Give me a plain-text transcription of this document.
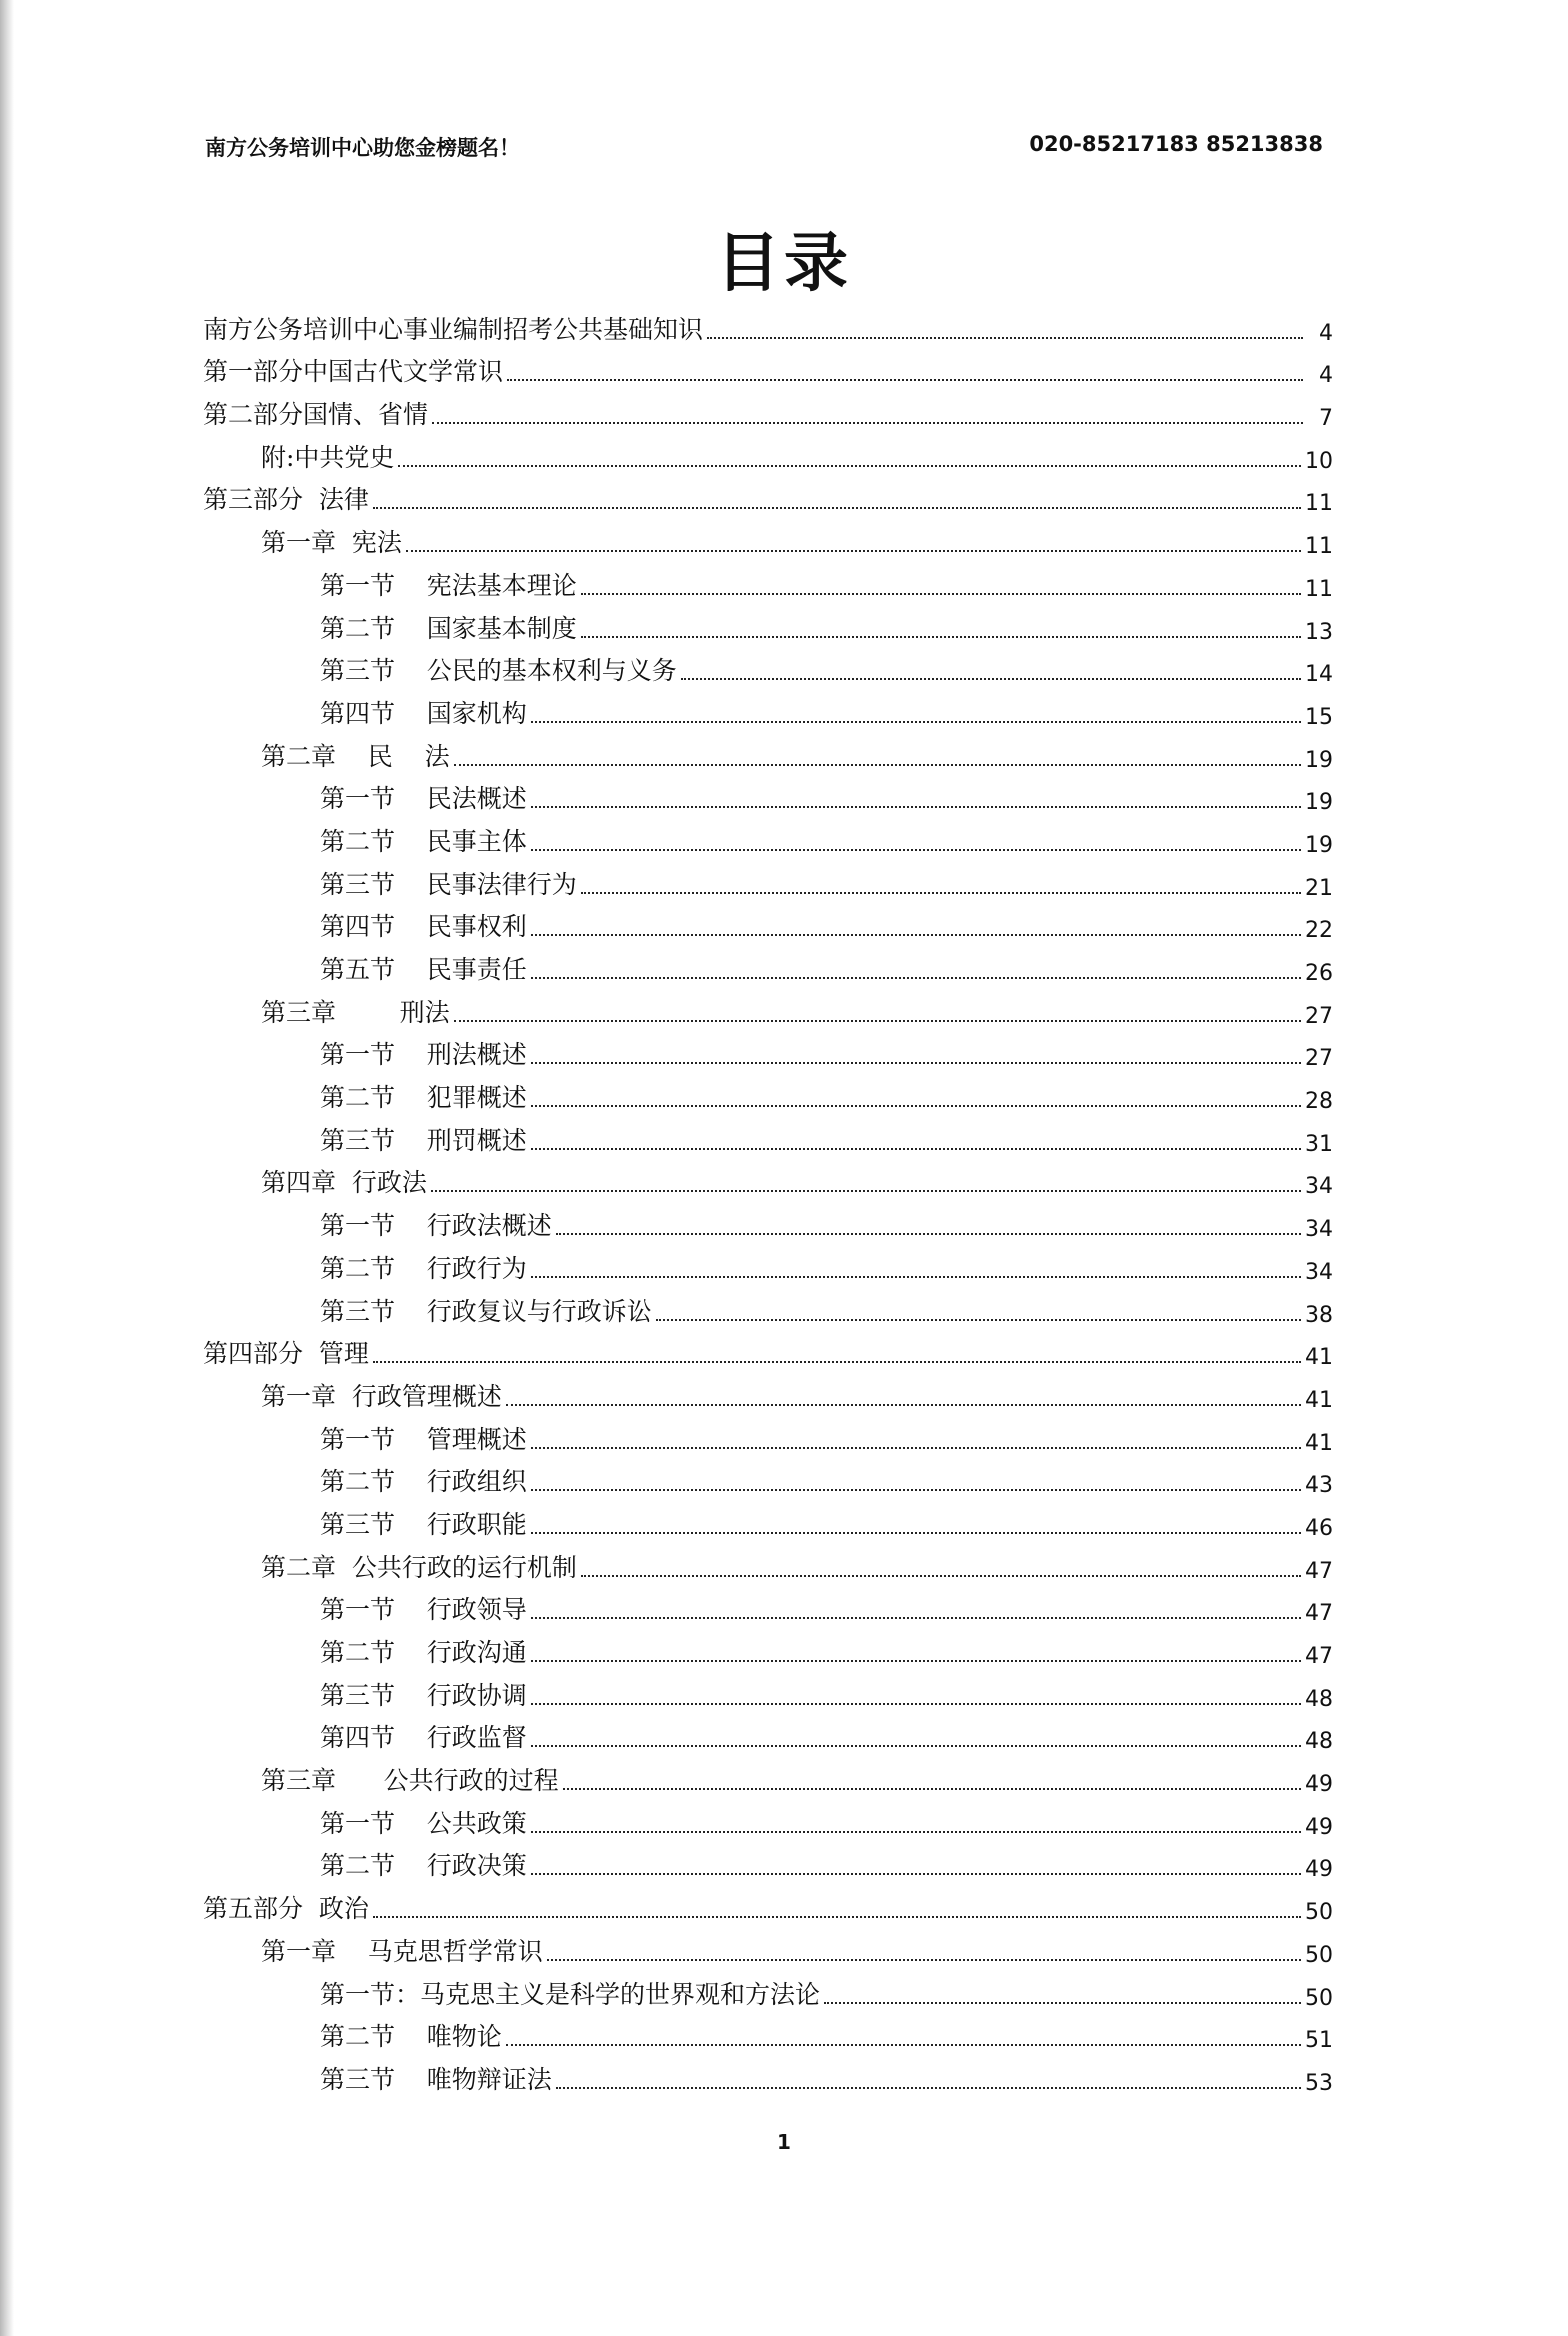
南方公务培训中心助您金榜题名！	020-85217183 85213838
目录
南方公务培训中心事业编制招考公共基础知识	4
第一部分中国古代文学常识	4
第二部分国情、省情	7
附:中共党史	10
第三部分  法律	11
第一章  宪法	11
第一节    宪法基本理论	11
第二节    国家基本制度	13
第三节    公民的基本权利与义务	14
第四节    国家机构	15
第二章    民    法	19
第一节    民法概述	19
第二节    民事主体	19
第三节    民事法律行为	21
第四节    民事权利	22
第五节    民事责任	26
第三章        刑法	27
第一节    刑法概述	27
第二节    犯罪概述	28
第三节    刑罚概述	31
第四章  行政法	34
第一节    行政法概述	34
第二节    行政行为	34
第三节    行政复议与行政诉讼	38
第四部分  管理	41
第一章  行政管理概述	41
第一节    管理概述	41
第二节    行政组织	43
第三节    行政职能	46
第二章  公共行政的运行机制	47
第一节    行政领导	47
第二节    行政沟通	47
第三节    行政协调	48
第四节    行政监督	48
第三章      公共行政的过程	49
第一节    公共政策	49
第二节    行政决策	49
第五部分  政治	50
第一章    马克思哲学常识	50
第一节：马克思主义是科学的世界观和方法论	50
第二节    唯物论	51
第三节    唯物辩证法	53
1
